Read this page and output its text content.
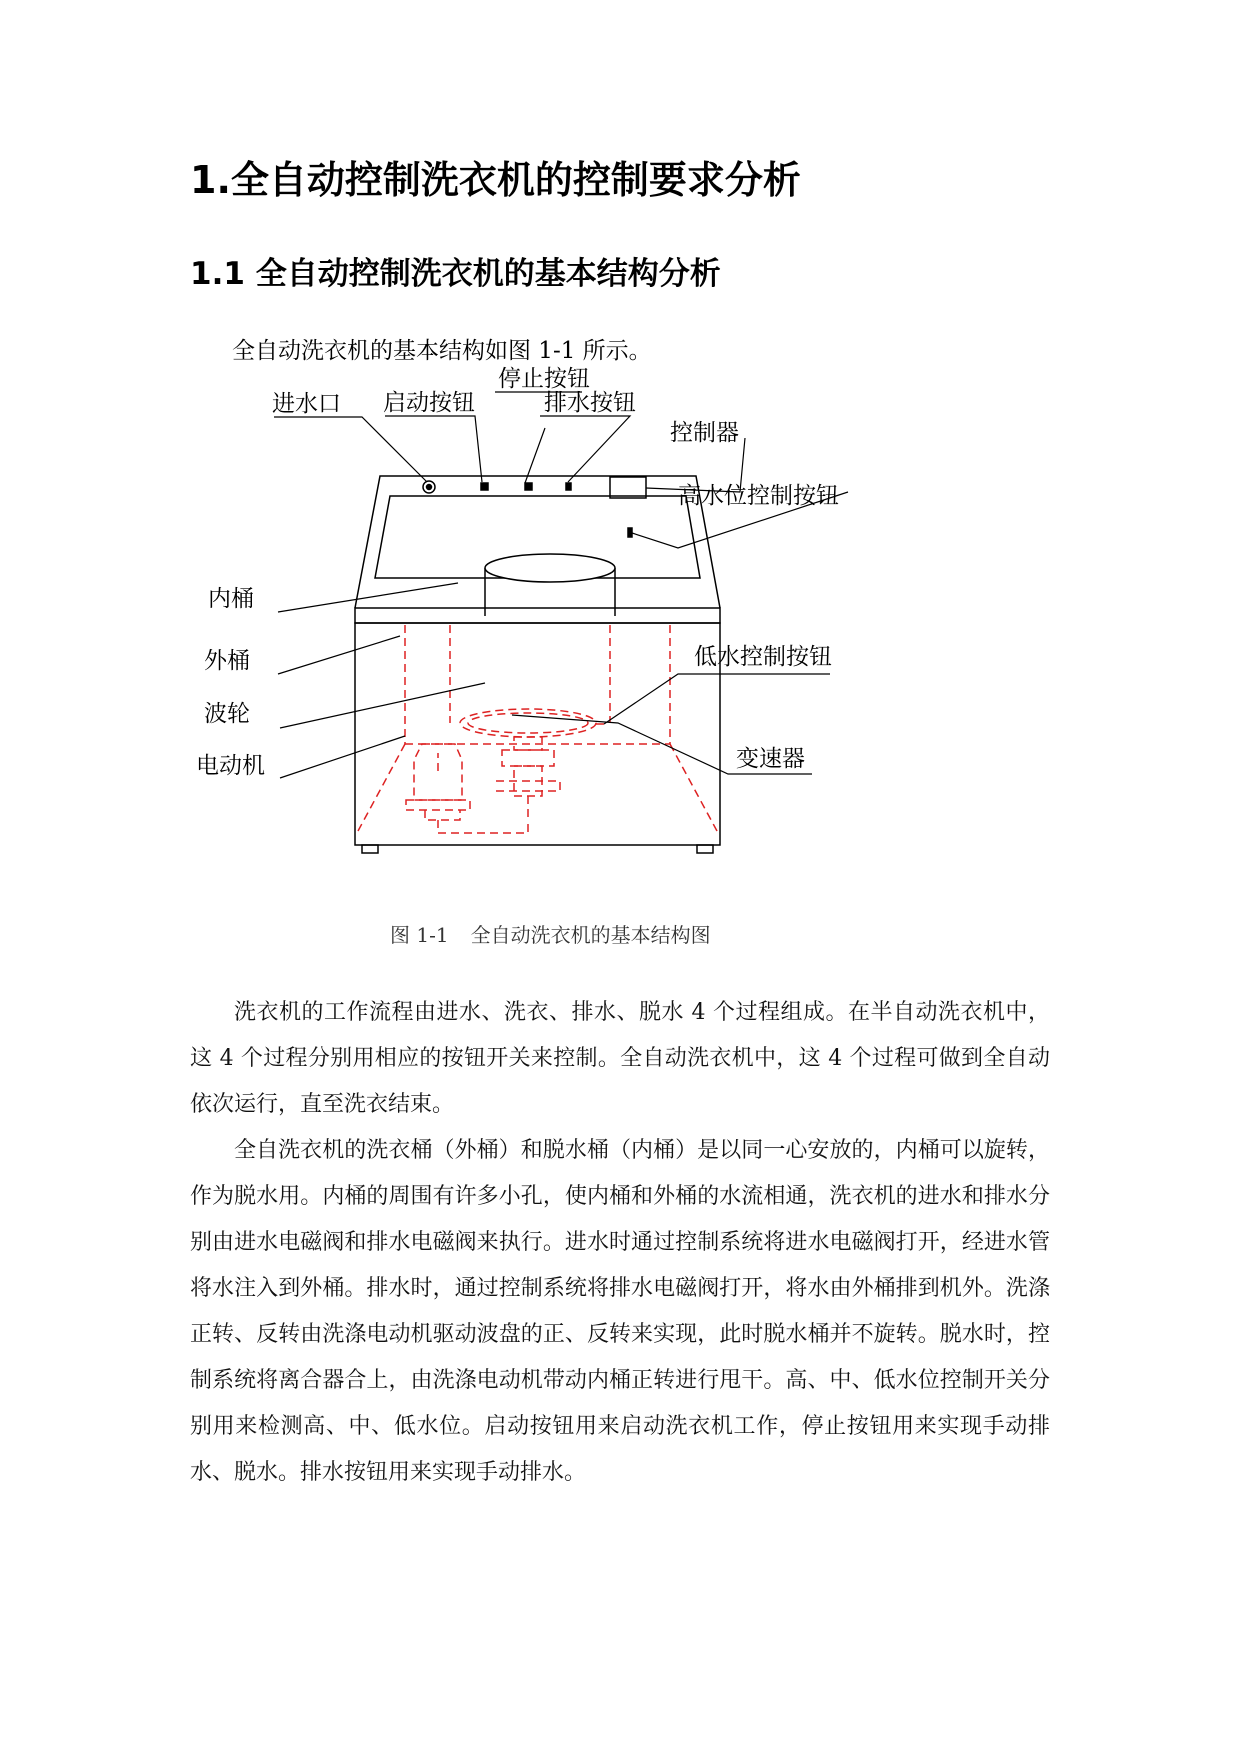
1.全自动控制洗衣机的控制要求分析
1.1 全自动控制洗衣机的基本结构分析

全自动洗衣机的基本结构如图 1-1 所示。

进水口 启动按钮
停止按钮
排水按钮
控制器
高水位控制按钮
内桶
外桶
波轮
电动机
低水控制按钮
变速器

图 1-1 全自动洗衣机的基本结构图

洗衣机的工作流程由进水、洗衣、排水、脱水 4 个过程组成。在半自动洗衣机中，这 4 个过程分别用相应的按钮开关来控制。全自动洗衣机中，这 4 个过程可做到全自动依次运行，直至洗衣结束。

全自洗衣机的洗衣桶（外桶）和脱水桶（内桶）是以同一心安放的，内桶可以旋转，作为脱水用。内桶的周围有许多小孔，使内桶和外桶的水流相通，洗衣机的进水和排水分别由进水电磁阀和排水电磁阀来执行。进水时通过控制系统将进水电磁阀打开，经进水管将水注入到外桶。排水时，通过控制系统将排水电磁阀打开，将水由外桶排到机外。洗涤正转、反转由洗涤电动机驱动波盘的正、反转来实现，此时脱水桶并不旋转。脱水时，控制系统将离合器合上，由洗涤电动机带动内桶正转进行甩干。高、中、低水位控制开关分别用来检测高、中、低水位。启动按钮用来启动洗衣机工作，停止按钮用来实现手动排水、脱水。排水按钮用来实现手动排水。
